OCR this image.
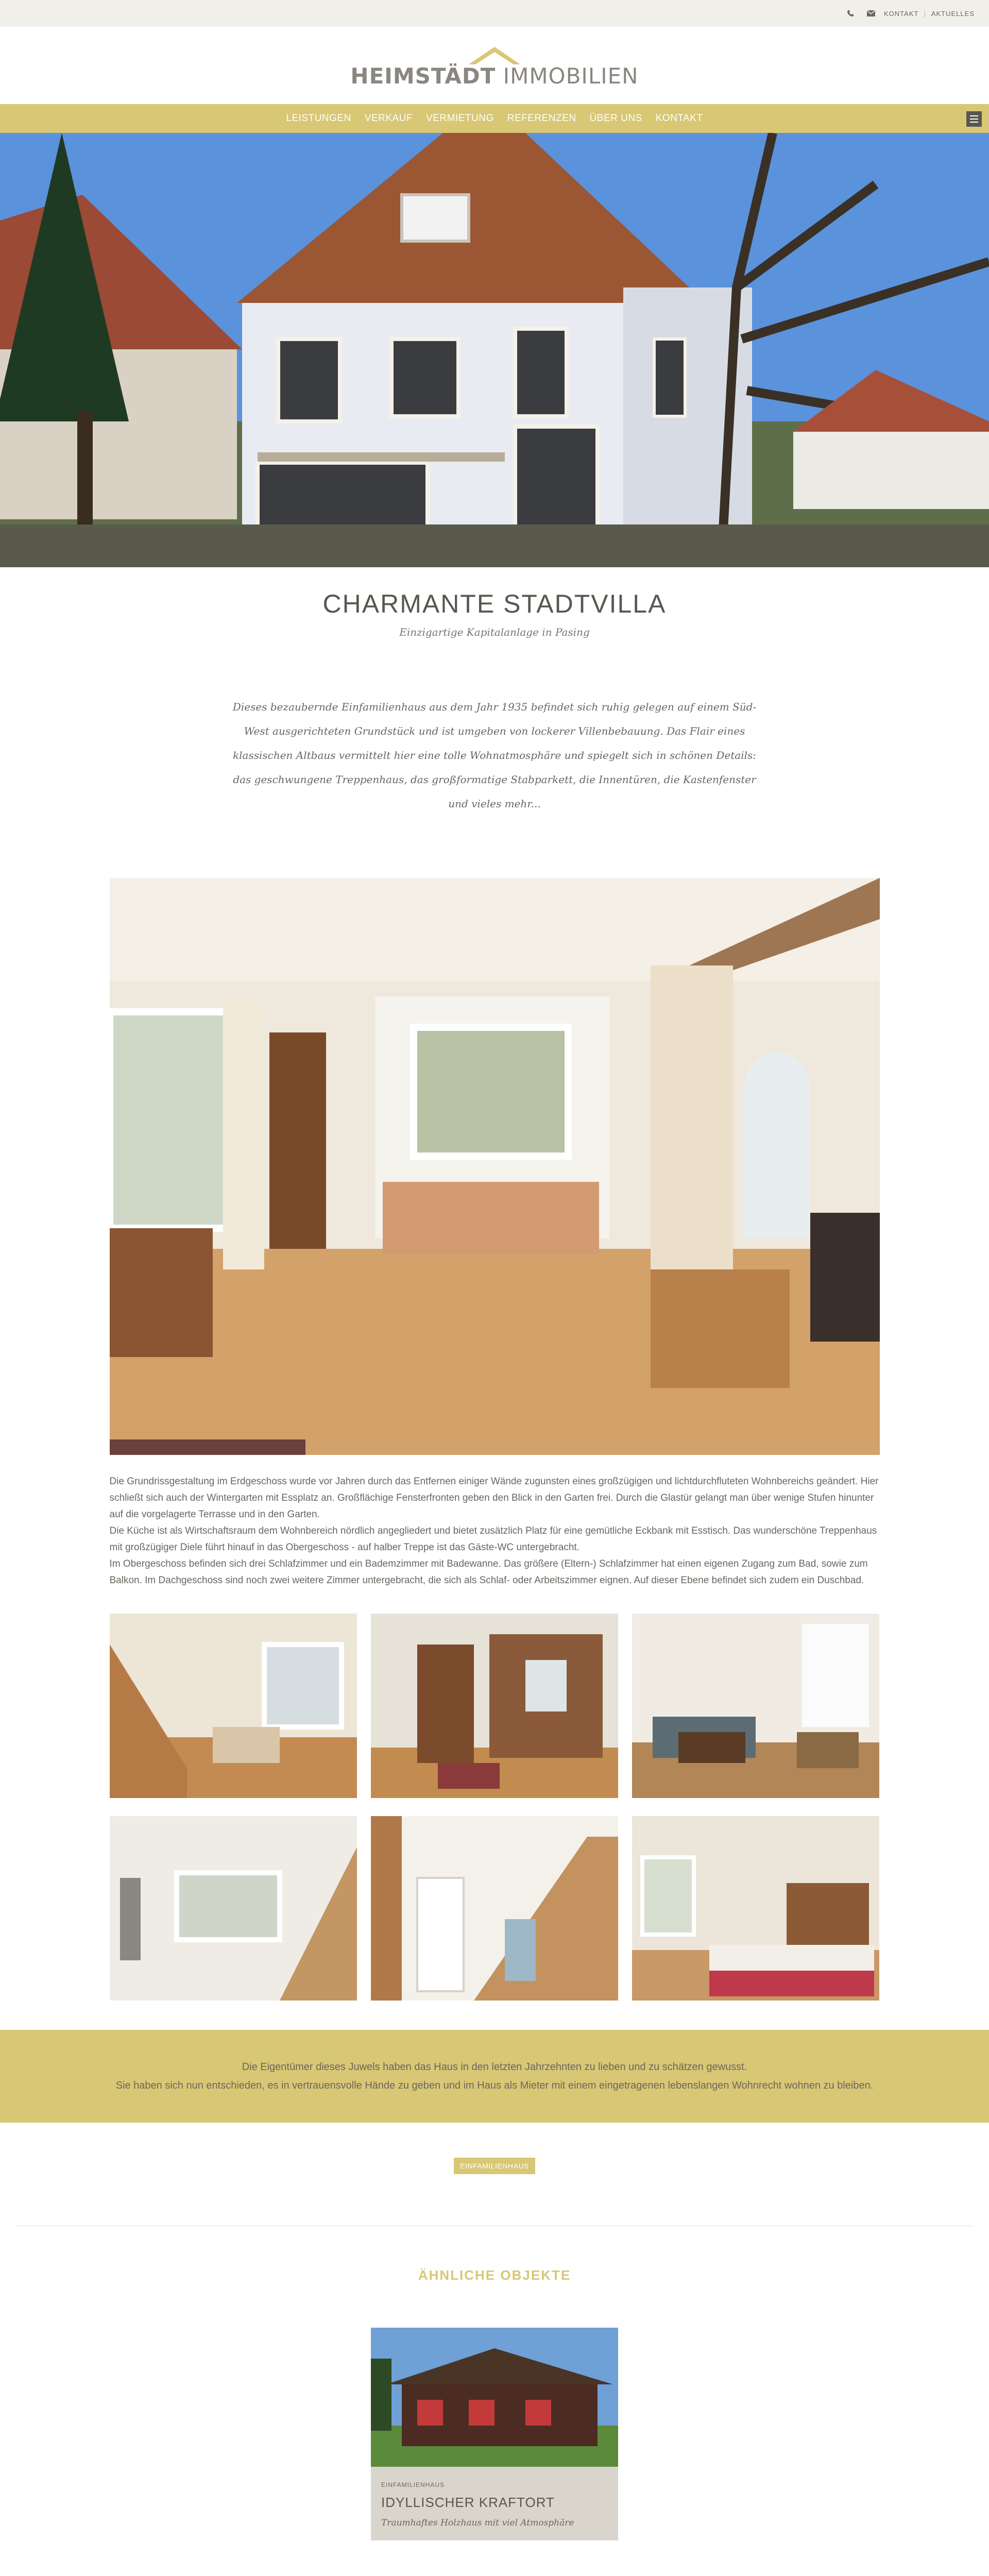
KONTAKT | AKTUELLES
HEIMSTÄDT IMMOBILIEN
LEISTUNGEN VERKAUF VERMIETUNG REFERENZEN ÜBER UNS KONTAKT
CHARMANTE STADTVILLA
Einzigartige Kapitalanlage in Pasing

Dieses bezaubernde Einfamilienhaus aus dem Jahr 1935 befindet sich ruhig gelegen auf einem Süd-West ausgerichteten Grundstück und ist umgeben von lockerer Villenbebauung. Das Flair eines klassischen Altbaus vermittelt hier eine tolle Wohnatmosphäre und spiegelt sich in schönen Details: das geschwungene Treppenhaus, das großformatige Stabparkett, die Innentüren, die Kastenfenster und vieles mehr...

Die Grundrissgestaltung im Erdgeschoss wurde vor Jahren durch das Entfernen einiger Wände zugunsten eines großzügigen und lichtdurchfluteten Wohnbereichs geändert. Hier schließt sich auch der Wintergarten mit Essplatz an. Großflächige Fensterfronten geben den Blick in den Garten frei. Durch die Glastür gelangt man über wenige Stufen hinunter auf die vorgelagerte Terrasse und in den Garten.

Die Küche ist als Wirtschaftsraum dem Wohnbereich nördlich angegliedert und bietet zusätzlich Platz für eine gemütliche Eckbank mit Esstisch. Das wunderschöne Treppenhaus mit großzügiger Diele führt hinauf in das Obergeschoss - auf halber Treppe ist das Gäste-WC untergebracht.

Im Obergeschoss befinden sich drei Schlafzimmer und ein Bademzimmer mit Badewanne. Das größere (Eltern-) Schlafzimmer hat einen eigenen Zugang zum Bad, sowie zum Balkon. Im Dachgeschoss sind noch zwei weitere Zimmer untergebracht, die sich als Schlaf- oder Arbeitszimmer eignen. Auf dieser Ebene befindet sich zudem ein Duschbad.

Die Eigentümer dieses Juwels haben das Haus in den letzten Jahrzehnten zu lieben und zu schätzen gewusst.

Sie haben sich nun entschieden, es in vertrauensvolle Hände zu geben und im Haus als Mieter mit einem eingetragenen lebenslangen Wohnrecht wohnen zu bleiben.

EINFAMILIENHAUS
ÄHNLICHE OBJEKTE
EINFAMILIENHAUS
IDYLLISCHER KRAFTORT
Traumhaftes Holzhaus mit viel Atmosphäre
